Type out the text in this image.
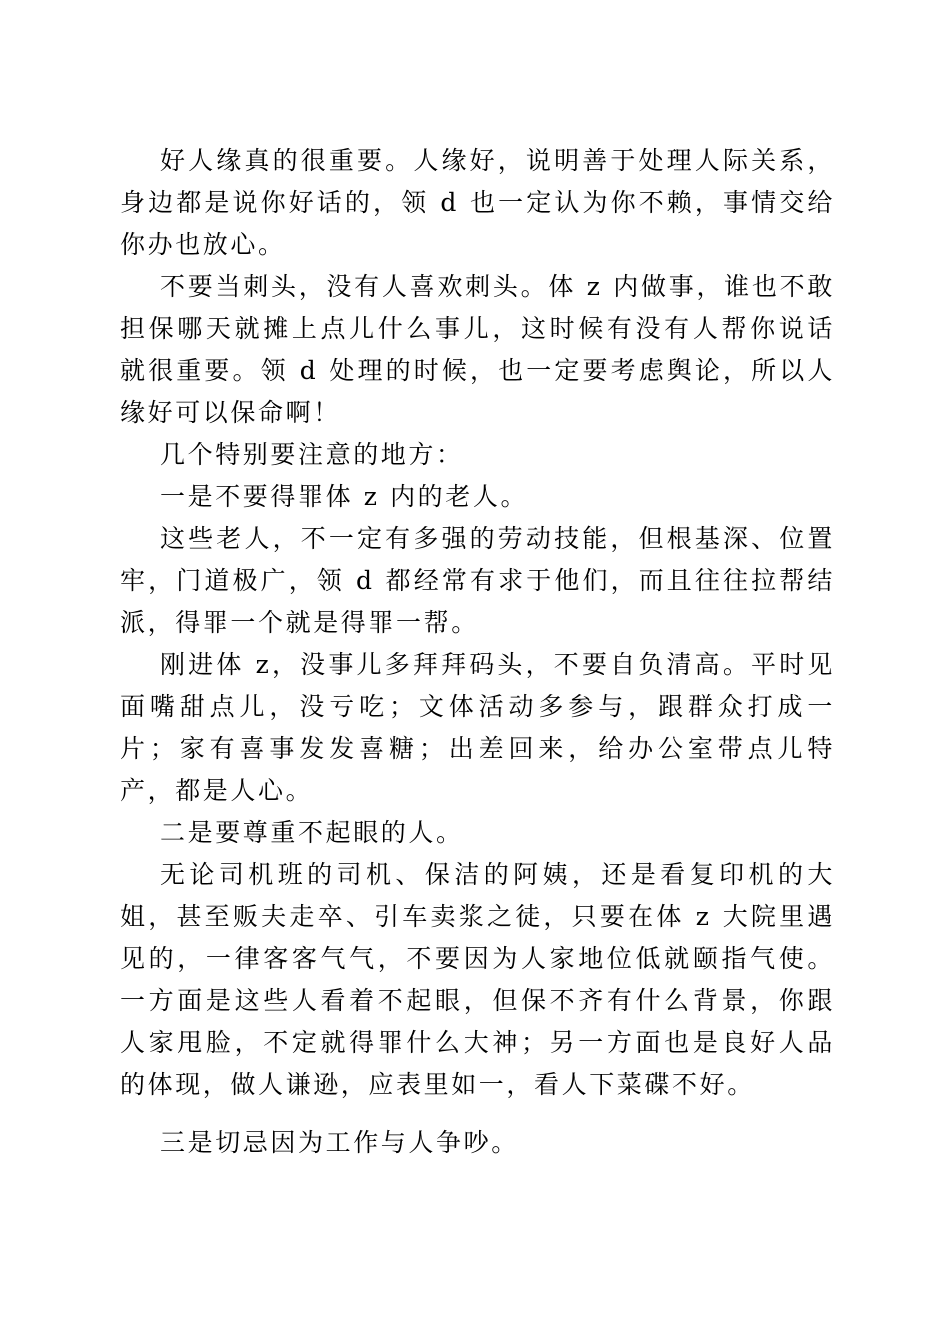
好人缘真的很重要。人缘好，说明善于处理人际关系，身边都是说你好话的，领 d 也一定认为你不赖，事情交给你办也放心。

不要当刺头，没有人喜欢刺头。体 z 内做事，谁也不敢担保哪天就摊上点儿什么事儿，这时候有没有人帮你说话就很重要。领 d 处理的时候，也一定要考虑舆论，所以人缘好可以保命啊！

几个特别要注意的地方：

一是不要得罪体 z 内的老人。

这些老人，不一定有多强的劳动技能，但根基深、位置牢，门道极广，领 d 都经常有求于他们，而且往往拉帮结派，得罪一个就是得罪一帮。

刚进体 z，没事儿多拜拜码头，不要自负清高。平时见面嘴甜点儿，没亏吃；文体活动多参与，跟群众打成一片；家有喜事发发喜糖；出差回来，给办公室带点儿特产，都是人心。

二是要尊重不起眼的人。

无论司机班的司机、保洁的阿姨，还是看复印机的大姐，甚至贩夫走卒、引车卖浆之徒，只要在体 z 大院里遇见的，一律客客气气，不要因为人家地位低就颐指气使。一方面是这些人看着不起眼，但保不齐有什么背景，你跟人家甩脸，不定就得罪什么大神；另一方面也是良好人品的体现，做人谦逊，应表里如一，看人下菜碟不好。

三是切忌因为工作与人争吵。
